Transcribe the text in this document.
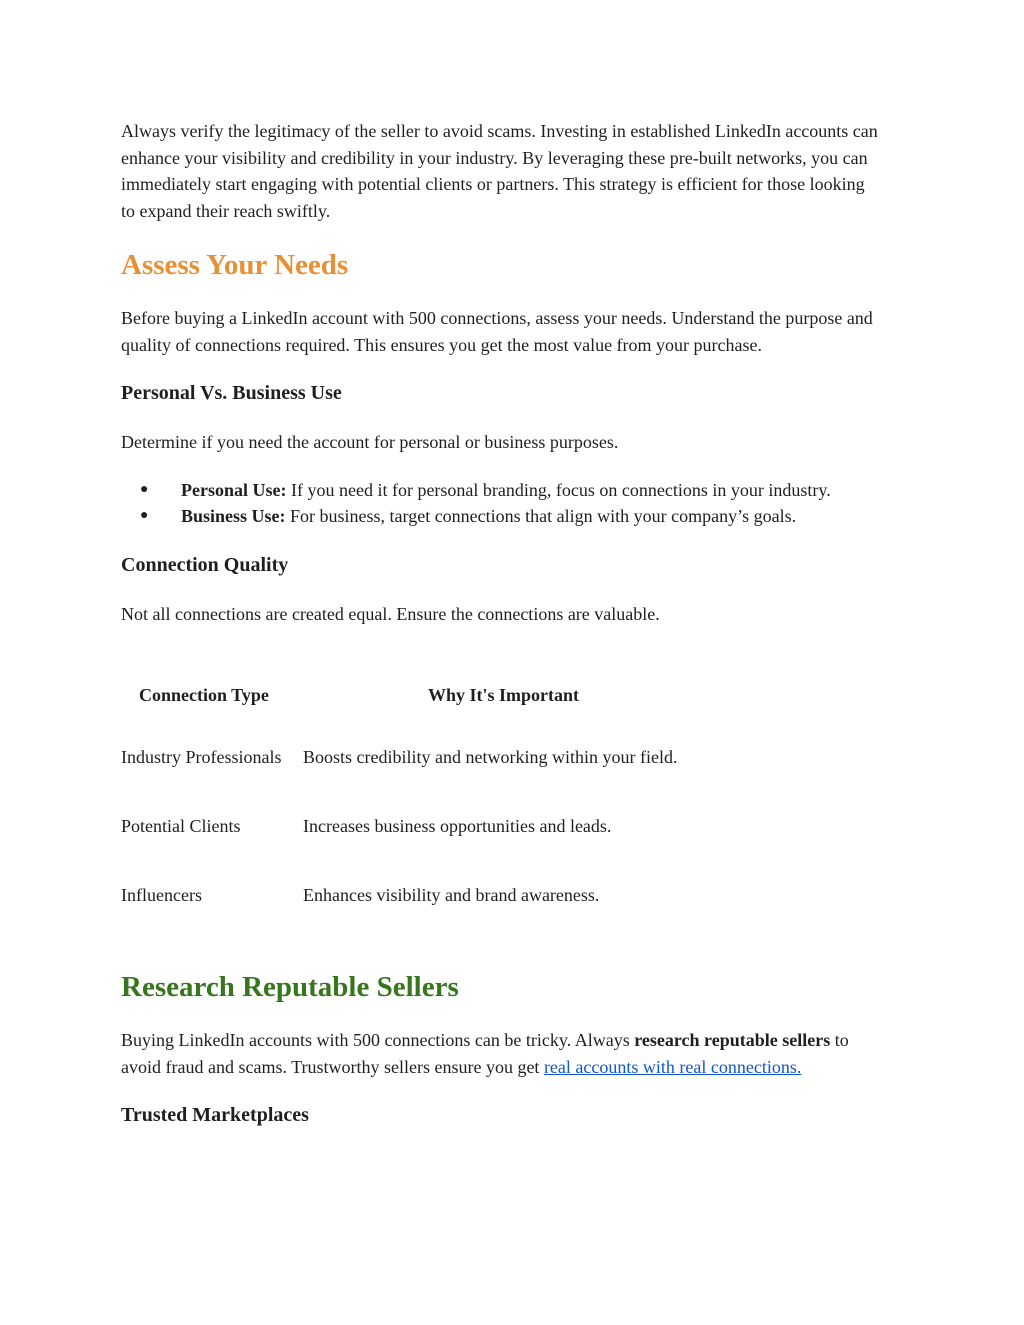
Always verify the legitimacy of the seller to avoid scams. Investing in established LinkedIn accounts can enhance your visibility and credibility in your industry. By leveraging these pre-built networks, you can immediately start engaging with potential clients or partners. This strategy is efficient for those looking to expand their reach swiftly.

Assess Your Needs

Before buying a LinkedIn account with 500 connections, assess your needs. Understand the purpose and quality of connections required. This ensures you get the most value from your purchase.

Personal Vs. Business Use

Determine if you need the account for personal or business purposes.

● Personal Use: If you need it for personal branding, focus on connections in your industry.
● Business Use: For business, target connections that align with your company’s goals.
Connection Quality

Not all connections are created equal. Ensure the connections are valuable.

Connection Type	Why It's Important
Industry Professionals	Boosts credibility and networking within your field.
Potential Clients	Increases business opportunities and leads.
Influencers	Enhances visibility and brand awareness.
Research Reputable Sellers

Buying LinkedIn accounts with 500 connections can be tricky. Always research reputable sellers to avoid fraud and scams. Trustworthy sellers ensure you get real accounts with real connections.

Trusted Marketplaces
